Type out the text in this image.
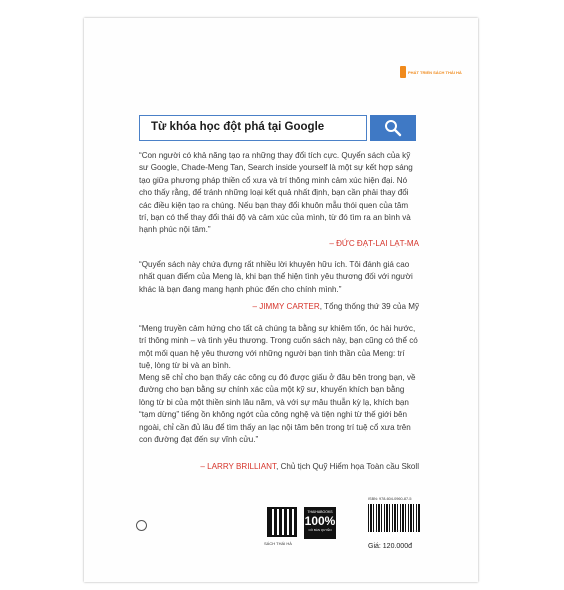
PHÁT TRIỂN SÁCH THÁI HÀ
Từ khóa học đột phá tại Google

“Con người có khả năng tạo ra những thay đổi tích cực. Quyển sách của kỹ sư Google, Chade-Meng Tan, Search inside yourself là một sự kết hợp sáng tạo giữa phương pháp thiền cổ xưa và trí thông minh cảm xúc hiện đại. Nó cho thấy rằng, để tránh những loại kết quả nhất định, bạn cần phải thay đổi các điều kiện tạo ra chúng. Nếu bạn thay đổi khuôn mẫu thói quen của tâm trí, bạn có thể thay đổi thái độ và cảm xúc của mình, từ đó tìm ra an bình và hạnh phúc nội tâm.”

– ĐỨC ĐẠT-LAI LẠT-MA

“Quyển sách này chứa đựng rất nhiều lời khuyên hữu ích. Tôi đánh giá cao nhất quan điểm của Meng là, khi bạn thể hiện tình yêu thương đối với người khác là bạn đang mang hạnh phúc đến cho chính mình.”

– JIMMY CARTER, Tổng thống thứ 39 của Mỹ

“Meng truyền cảm hứng cho tất cả chúng ta bằng sự khiêm tốn, óc hài hước, trí thông minh – và tình yêu thương. Trong cuốn sách này, bạn cũng có thể có một mối quan hệ yêu thương với những người bạn tinh thần của Meng: trí tuệ, lòng từ bi và an bình.

Meng sẽ chỉ cho bạn thấy các công cụ đó được giấu ở đâu bên trong bạn, về đường cho bạn bằng sự chính xác của một kỹ sư, khuyến khích bạn bằng lòng từ bi của một thiền sinh lâu năm, và với sự mâu thuẫn kỳ lạ, khích bạn “tạm dừng” tiếng ồn không ngớt của công nghệ và tiện nghi từ thế giới bên ngoài, chỉ cần đủ lâu để tìm thấy an lạc nội tâm bên trong trí tuệ cổ xưa trên con đường đạt đến sự vĩnh cửu.”

– LARRY BRILLIANT, Chủ tịch Quỹ Hiểm họa Toàn cầu Skoll
SÁCH THÁI HÀ
THAIHABOOKS
100%
CÓ BẢN QUYỀN
ISBN: 978-604-0960-87-5
Giá: 120.000đ
